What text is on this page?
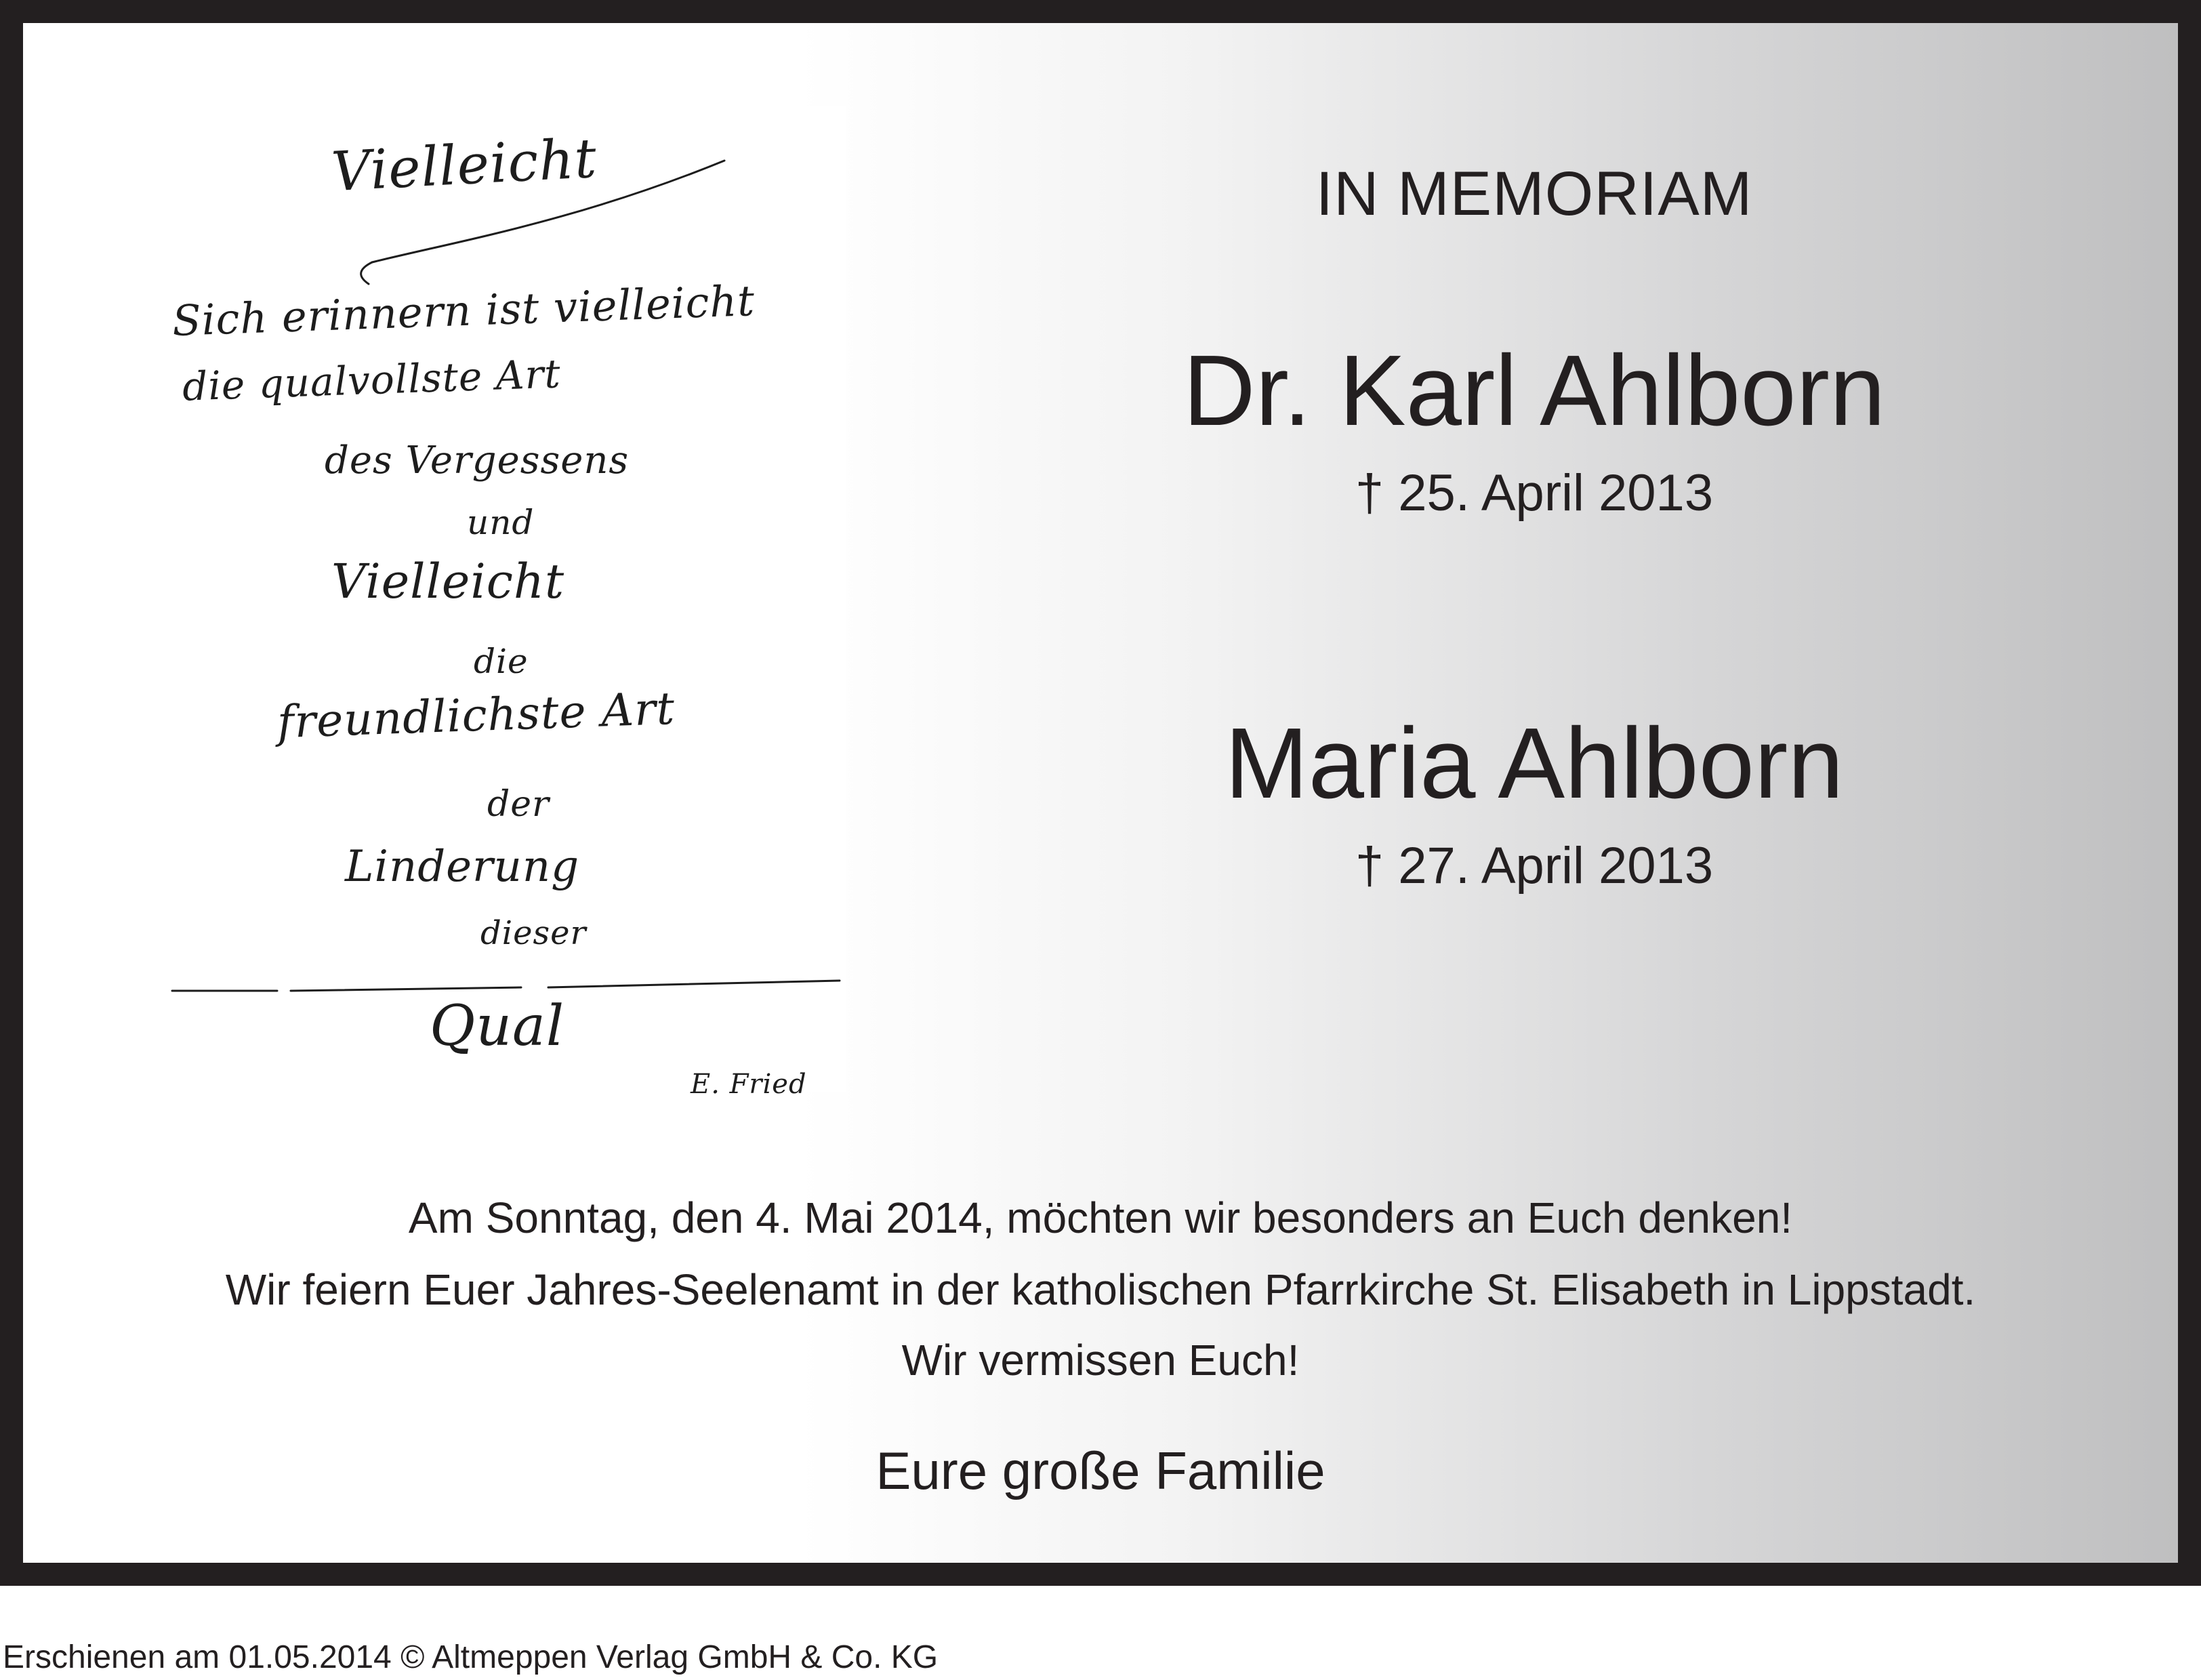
Vielleicht
Sich erinnern ist vielleicht
die qualvollste Art
des Vergessens
und
Vielleicht
die
freundlichste Art
der
Linderung
dieser
Qual
E. Fried
IN MEMORIAM
Dr. Karl Ahlborn
† 25. April 2013
Maria Ahlborn
† 27. April 2013
Am Sonntag, den 4. Mai 2014, möchten wir besonders an Euch denken!
Wir feiern Euer Jahres-Seelenamt in der katholischen Pfarrkirche St. Elisabeth in Lippstadt.
Wir vermissen Euch!
Eure große Familie
Erschienen am 01.05.2014 © Altmeppen Verlag GmbH & Co. KG
